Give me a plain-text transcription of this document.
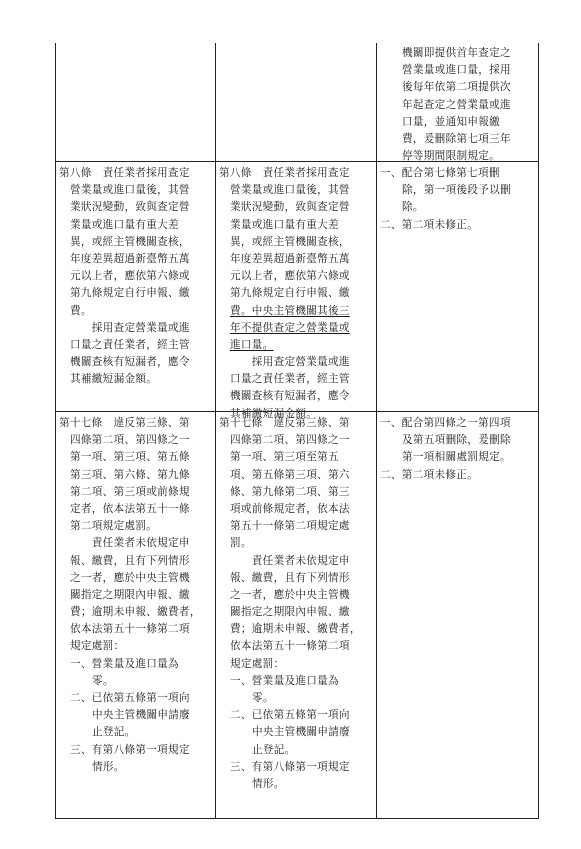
機關即提供首年查定之
營業量或進口量，採用
後每年依第二項提供次
年起查定之營業量或進
口量，並通知申報繳
費，爰刪除第七項三年
停等期間限制規定。
第八條　責任業者採用查定
營業量或進口量後，其營
業狀況變動，致與查定營
業量或進口量有重大差
異，或經主管機關查核，
年度差異超過新臺幣五萬
元以上者，應依第六條或
第九條規定自行申報、繳
費。
　　採用查定營業量或進
口量之責任業者，經主管
機關查核有短漏者，應令
其補繳短漏金額。
第八條　責任業者採用查定
營業量或進口量後，其營
業狀況變動，致與查定營
業量或進口量有重大差
異，或經主管機關查核，
年度差異超過新臺幣五萬
元以上者，應依第六條或
第九條規定自行申報、繳
費。中央主管機關其後三
年不提供查定之營業量或
進口量。
　　採用查定營業量或進
口量之責任業者，經主管
機關查核有短漏者，應令
其補繳短漏金額。
一、配合第七條第七項刪
除，第一項後段予以刪
除。
二、第二項未修正。
第十七條　違反第三條、第
四條第二項、第四條之一
第一項、第三項、第五條
第三項、第六條、第九條
第二項、第三項或前條規
定者，依本法第五十一條
第二項規定處罰。
　　責任業者未依規定申
報、繳費，且有下列情形
之一者，應於中央主管機
關指定之期限內申報、繳
費；逾期未申報、繳費者，
依本法第五十一條第二項
規定處罰：
一、營業量及進口量為
零。
二、已依第五條第一項向
中央主管機關申請廢
止登記。
三、有第八條第一項規定
情形。
第十七條　違反第三條、第
四條第二項、第四條之一
第一項、第三項至第五
項、第五條第三項、第六
條、第九條第二項、第三
項或前條規定者，依本法
第五十一條第二項規定處
罰。
　　責任業者未依規定申
報、繳費，且有下列情形
之一者，應於中央主管機
關指定之期限內申報、繳
費；逾期未申報、繳費者，
依本法第五十一條第二項
規定處罰：
一、營業量及進口量為
零。
二、已依第五條第一項向
中央主管機關申請廢
止登記。
三、有第八條第一項規定
情形。
一、配合第四條之一第四項
及第五項刪除，爰刪除
第一項相關處罰規定。
二、第二項未修正。
